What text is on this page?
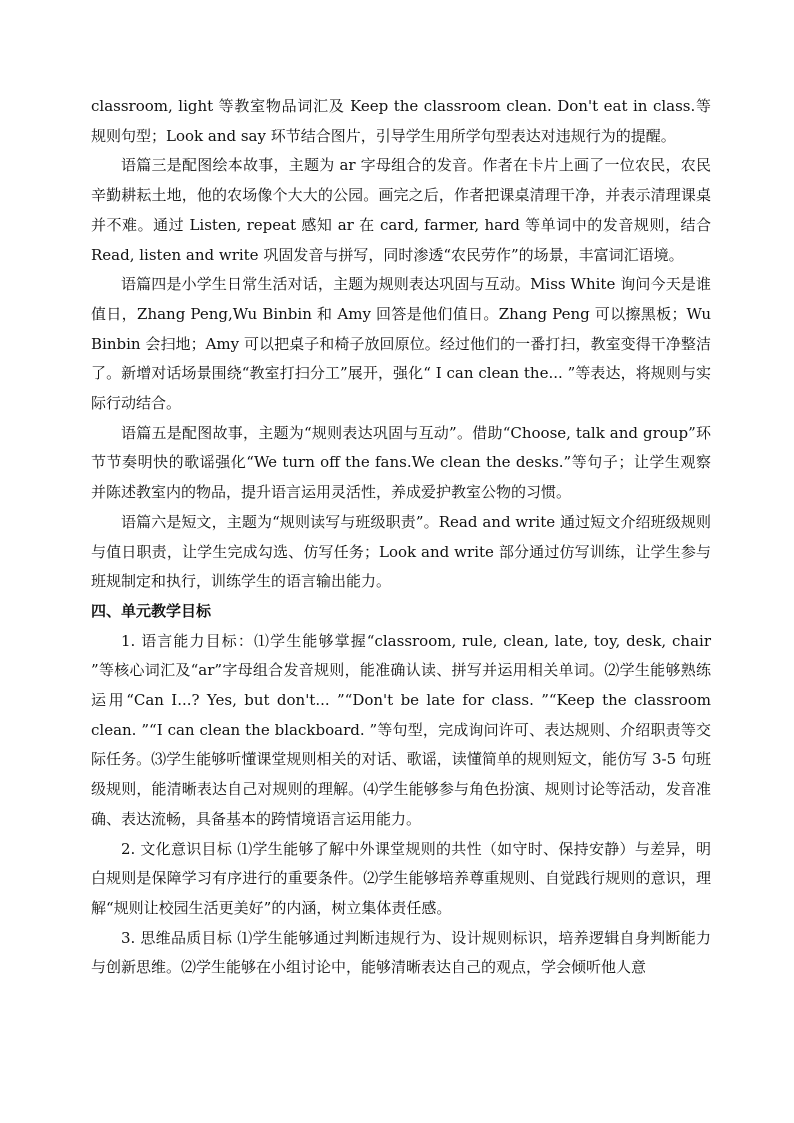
classroom, light 等教室物品词汇及 Keep the classroom clean. Don't eat in class.等规则句型；Look and say 环节结合图片，引导学生用所学句型表达对违规行为的提醒。

语篇三是配图绘本故事，主题为 ar 字母组合的发音。作者在卡片上画了一位农民，农民辛勤耕耘土地，他的农场像个大大的公园。画完之后，作者把课桌清理干净，并表示清理课桌并不难。通过 Listen, repeat 感知 ar 在 card, farmer, hard 等单词中的发音规则，结合 Read, listen and write 巩固发音与拼写，同时渗透“农民劳作”的场景，丰富词汇语境。

语篇四是小学生日常生活对话，主题为规则表达巩固与互动。Miss White 询问今天是谁值日，Zhang Peng,Wu Binbin 和 Amy 回答是他们值日。Zhang Peng 可以擦黑板；Wu Binbin 会扫地；Amy 可以把桌子和椅子放回原位。经过他们的一番打扫，教室变得干净整洁了。新增对话场景围绕“教室打扫分工”展开，强化“ I can clean the... ”等表达，将规则与实际行动结合。

语篇五是配图故事，主题为“规则表达巩固与互动”。借助“Choose, talk and group”环节节奏明快的歌谣强化“We turn off the fans.We clean the desks.”等句子；让学生观察并陈述教室内的物品，提升语言运用灵活性，养成爱护教室公物的习惯。

语篇六是短文，主题为“规则读写与班级职责”。Read and write 通过短文介绍班级规则与值日职责，让学生完成勾选、仿写任务；Look and write 部分通过仿写训练，让学生参与班规制定和执行，训练学生的语言输出能力。

四、单元教学目标

1. 语言能力目标：⑴学生能够掌握“classroom, rule, clean, late, toy, desk, chair ”等核心词汇及“ar”字母组合发音规则，能准确认读、拼写并运用相关单词。⑵学生能够熟练运用“Can I...? Yes, but don't... ”“Don't be late for class. ”“Keep the classroom clean. ”“I can clean the blackboard. ”等句型，完成询问许可、表达规则、介绍职责等交际任务。⑶学生能够听懂课堂规则相关的对话、歌谣，读懂简单的规则短文，能仿写 3-5 句班级规则，能清晰表达自己对规则的理解。⑷学生能够参与角色扮演、规则讨论等活动，发音准确、表达流畅，具备基本的跨情境语言运用能力。

2. 文化意识目标 ⑴学生能够了解中外课堂规则的共性（如守时、保持安静）与差异，明白规则是保障学习有序进行的重要条件。⑵学生能够培养尊重规则、自觉践行规则的意识，理解“规则让校园生活更美好”的内涵，树立集体责任感。

3. 思维品质目标 ⑴学生能够通过判断违规行为、设计规则标识，培养逻辑自身判断能力与创新思维。⑵学生能够在小组讨论中，能够清晰表达自己的观点，学会倾听他人意
